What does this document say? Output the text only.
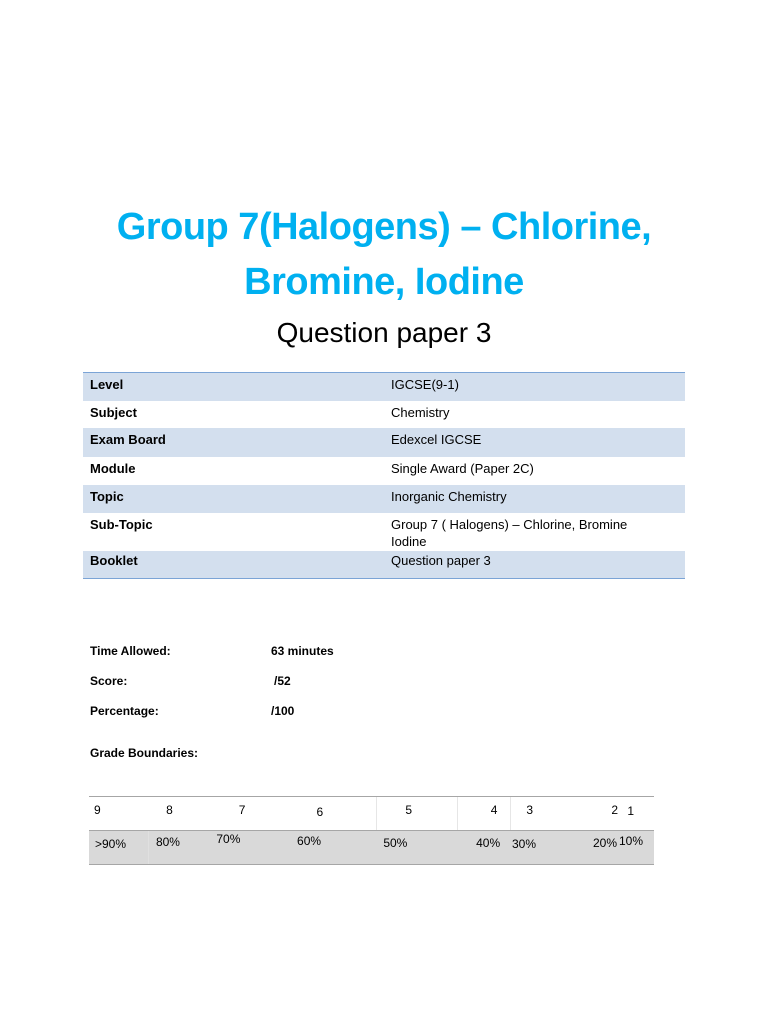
Group 7(Halogens) – Chlorine,
Bromine, Iodine
Question paper 3
Level	IGCSE(9-1)
Subject	Chemistry
Exam Board	Edexcel IGCSE
Module	Single Award (Paper 2C)
Topic	Inorganic Chemistry
Sub-Topic	Group 7 ( Halogens) – Chlorine, Bromine
Iodine
Booklet	Question paper 3
Time Allowed:	63 minutes
Score:	/52
Percentage:	/100
Grade Boundaries:
9	8	7	6	5	4	3	2 1
>90%	80%	70%	60%	50%	40% 30%	20% 10%
